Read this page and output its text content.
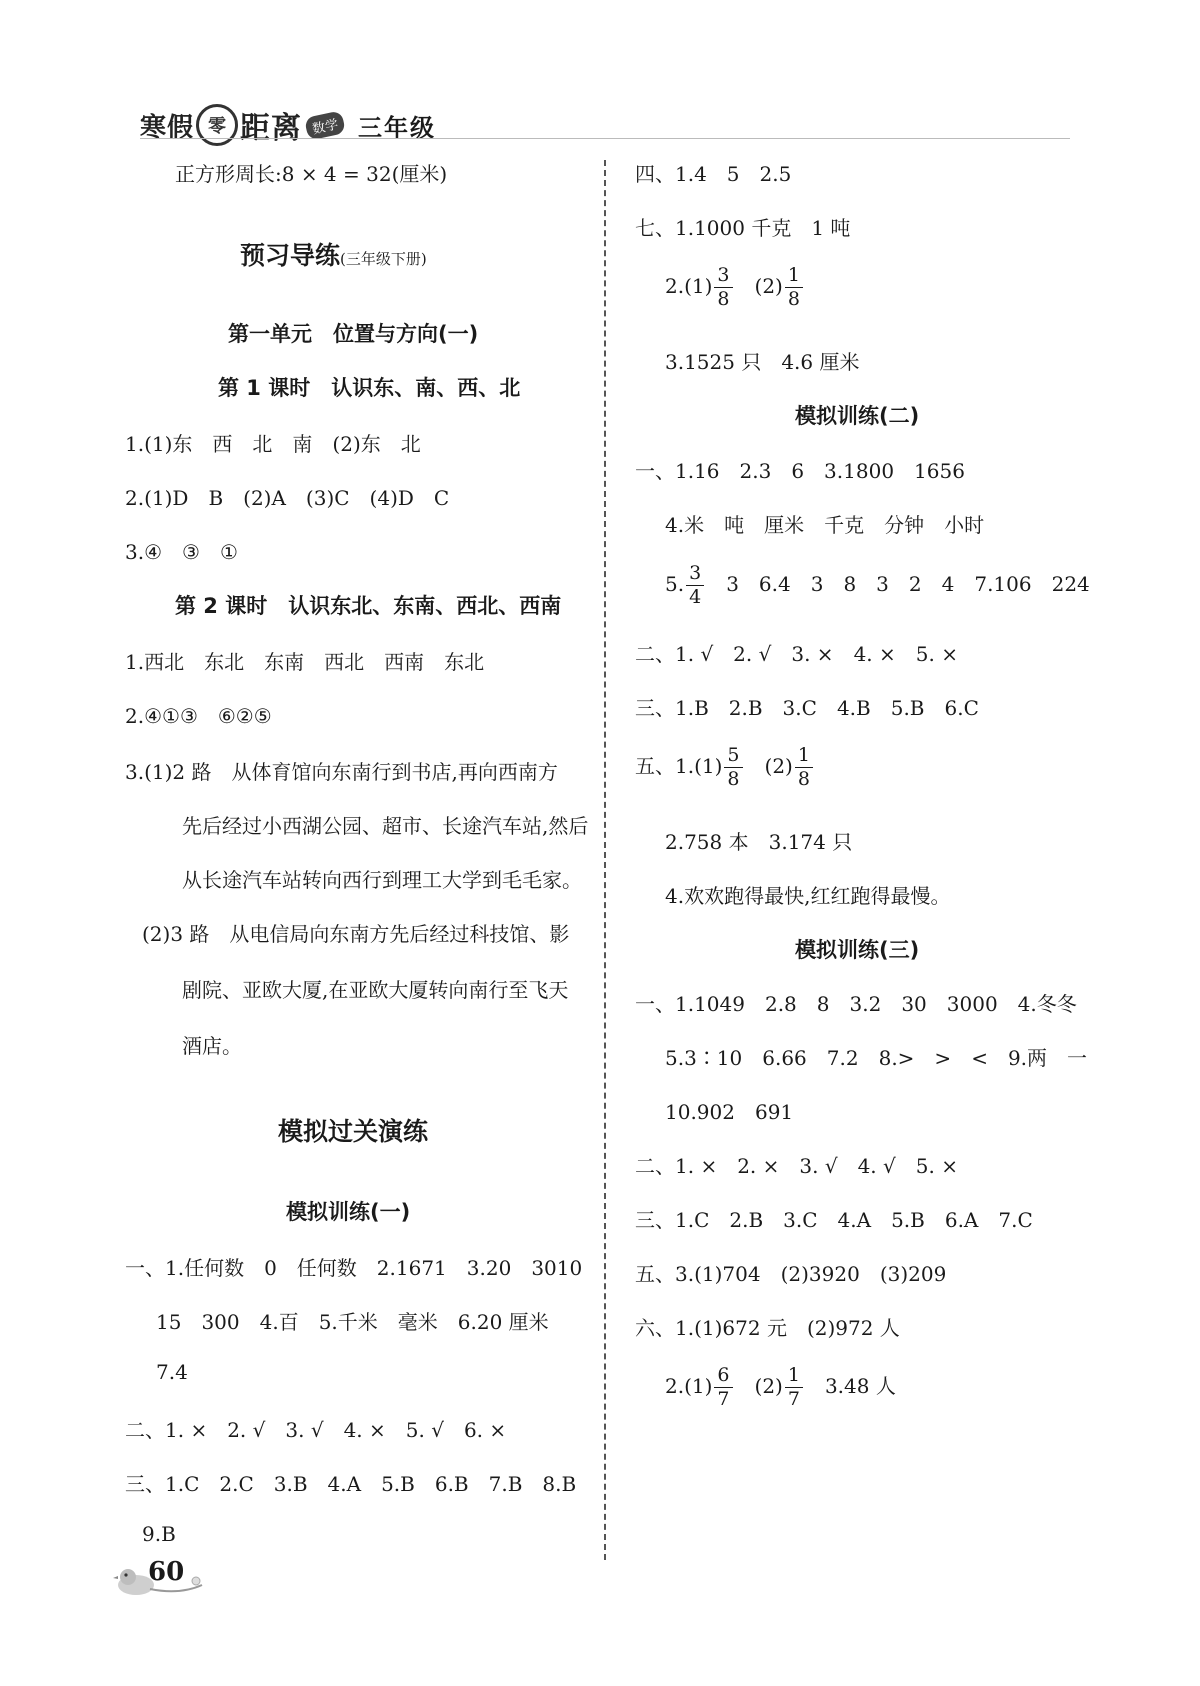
寒假 零 距离 数学 三年级
正方形周长:8 × 4 = 32(厘米)
预习导练(三年级下册)
第一单元　位置与方向(一)
第 1 课时　认识东、南、西、北
1.(1)东　西　北　南　(2)东　北
2.(1)D　B　(2)A　(3)C　(4)D　C
3.④　③　①
第 2 课时　认识东北、东南、西北、西南
1.西北　东北　东南　西北　西南　东北
2.④①③　⑥②⑤
3.(1)2 路　从体育馆向东南行到书店,再向西南方
先后经过小西湖公园、超市、长途汽车站,然后
从长途汽车站转向西行到理工大学到毛毛家。
(2)3 路　从电信局向东南方先后经过科技馆、影
剧院、亚欧大厦,在亚欧大厦转向南行至飞天
酒店。
模拟过关演练
模拟训练(一)
一、1.任何数　0　任何数　2.1671　3.20　3010
15　300　4.百　5.千米　毫米　6.20 厘米
7.4
二、1. ×　2. √　3. √　4. ×　5. √　6. ×
三、1.C　2.C　3.B　4.A　5.B　6.B　7.B　8.B
9.B
四、1.4　5　2.5
七、1.1000 千克　1 吨
$2.(1) \frac{3}{8}$
　 $(2) \frac{1}{8}$
3.1525 只　4.6 厘米
模拟训练(二)
一、1.16　2.3　6　3.1800　1656
4.米　吨　厘米　千克　分钟　小时
5. $\frac{3}{4}$
　 3　6.4　3　8　3　2　4　7.106　224
二、1. √　2. √　3. ×　4. ×　5. ×
三、1.B　2.B　3.C　4.B　5.B　6.C
五、$1.(1) \frac{5}{8}$
　 $(2) \frac{1}{8}$
2.758 本　3.174 只
4.欢欢跑得最快,红红跑得最慢。
模拟训练(三)
一、1.1049　2.8　8　3.2　30　3000　4.冬冬
5.3∶10　6.66　7.2　8.>　>　<　9.两　一
10.902　691
二、1. ×　2. ×　3. √　4. √　5. ×
三、1.C　2.B　3.C　4.A　5.B　6.A　7.C
五、3.(1)704　(2)3920　(3)209
六、1.(1)672 元　(2)972 人
$2.(1) \frac{6}{7}$
　 $(2) \frac{1}{7}$
　 3.48 人
60
